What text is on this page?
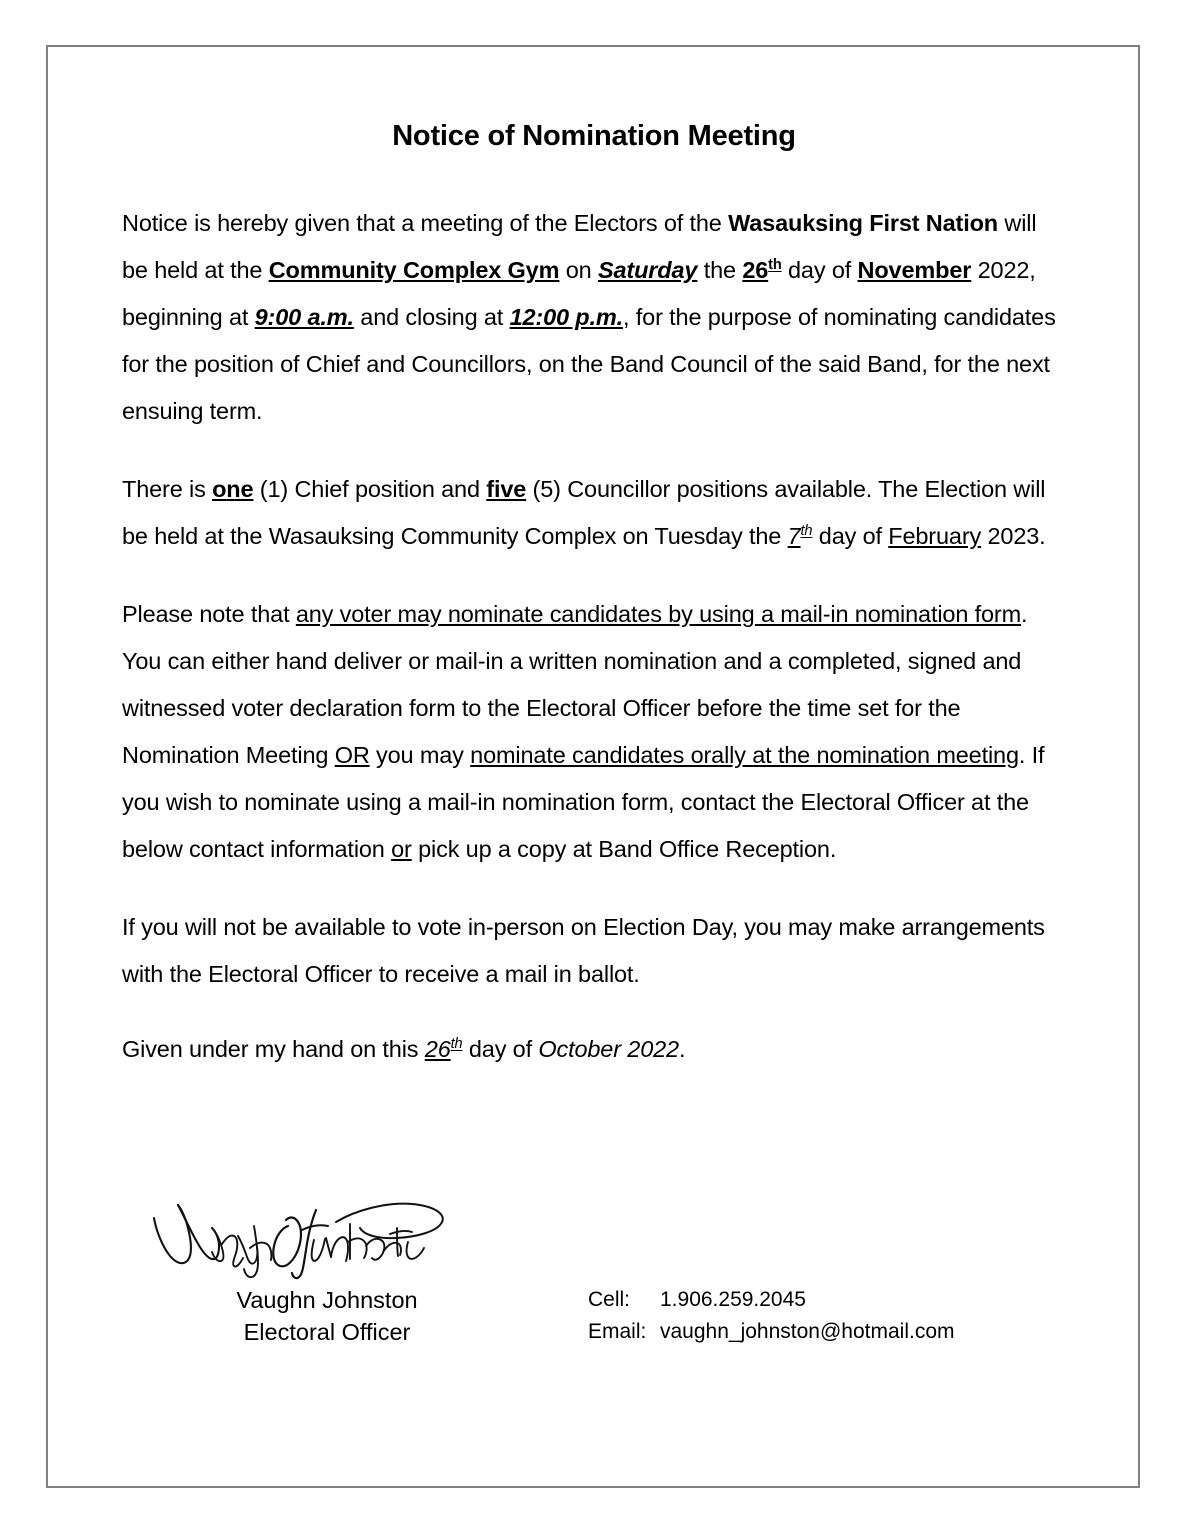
Notice of Nomination Meeting

Notice is hereby given that a meeting of the Electors of the Wasauksing First Nation will be held at the Community Complex Gym on Saturday the 26th day of November 2022, beginning at 9:00 a.m. and closing at 12:00 p.m., for the purpose of nominating candidates for the position of Chief and Councillors, on the Band Council of the said Band, for the next ensuing term.

There is one (1) Chief position and five (5) Councillor positions available. The Election will be held at the Wasauksing Community Complex on Tuesday the 7th day of February 2023.

Please note that any voter may nominate candidates by using a mail-in nomination form. You can either hand deliver or mail-in a written nomination and a completed, signed and witnessed voter declaration form to the Electoral Officer before the time set for the Nomination Meeting OR you may nominate candidates orally at the nomination meeting. If you wish to nominate using a mail-in nomination form, contact the Electoral Officer at the below contact information or pick up a copy at Band Office Reception.

If you will not be available to vote in-person on Election Day, you may make arrangements with the Electoral Officer to receive a mail in ballot.

Given under my hand on this 26th day of October 2022.

Vaughn Johnston
Electoral Officer
Cell:	1.906.259.2045
Email: vaughn_johnston@hotmail.com
